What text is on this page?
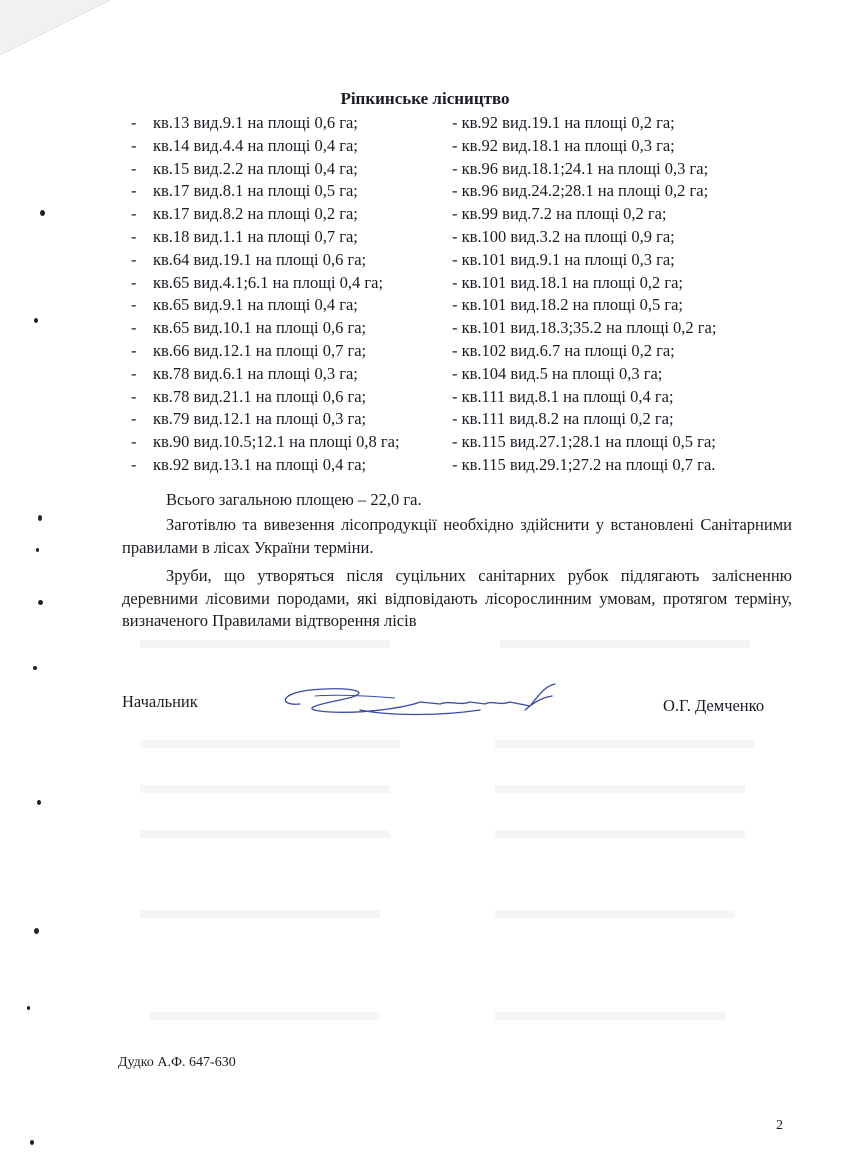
Ріпкинське лісництво
- кв.13 вид.9.1 на площі 0,6 га;
- кв.14 вид.4.4 на площі 0,4 га;
- кв.15 вид.2.2 на площі 0,4 га;
- кв.17 вид.8.1 на площі 0,5 га;
- кв.17 вид.8.2 на площі 0,2 га;
- кв.18 вид.1.1 на площі 0,7 га;
- кв.64 вид.19.1 на площі 0,6 га;
- кв.65 вид.4.1;6.1 на площі 0,4 га;
- кв.65 вид.9.1 на площі 0,4 га;
- кв.65 вид.10.1 на площі 0,6 га;
- кв.66 вид.12.1 на площі 0,7 га;
- кв.78 вид.6.1 на площі 0,3 га;
- кв.78 вид.21.1 на площі 0,6 га;
- кв.79 вид.12.1 на площі 0,3 га;
- кв.90 вид.10.5;12.1 на площі 0,8 га;
- кв.92 вид.13.1 на площі 0,4 га;
- кв.92 вид.19.1 на площі 0,2 га;
- кв.92 вид.18.1 на площі 0,3 га;
- кв.96 вид.18.1;24.1 на площі 0,3 га;
- кв.96 вид.24.2;28.1 на площі 0,2 га;
- кв.99 вид.7.2 на площі 0,2 га;
- кв.100 вид.3.2 на площі 0,9 га;
- кв.101 вид.9.1 на площі 0,3 га;
- кв.101 вид.18.1 на площі 0,2 га;
- кв.101 вид.18.2 на площі 0,5 га;
- кв.101 вид.18.3;35.2 на площі 0,2 га;
- кв.102 вид.6.7 на площі 0,2 га;
- кв.104 вид.5 на площі 0,3 га;
- кв.111 вид.8.1 на площі 0,4 га;
- кв.111 вид.8.2 на площі 0,2 га;
- кв.115 вид.27.1;28.1 на площі 0,5 га;
- кв.115 вид.29.1;27.2 на площі 0,7 га.
Всього загальною площею – 22,0 га.
Заготівлю та вивезення лісопродукції необхідно здійснити у встановлені Санітарними правилами в лісах України терміни.
Зруби, що утворяться після суцільних санітарних рубок підлягають залісненню деревними лісовими породами, які відповідають лісорослинним умовам, протягом терміну, визначеного Правилами відтворення лісів
Начальник	О.Г. Демченко
Дудко А.Ф. 647-630
2
